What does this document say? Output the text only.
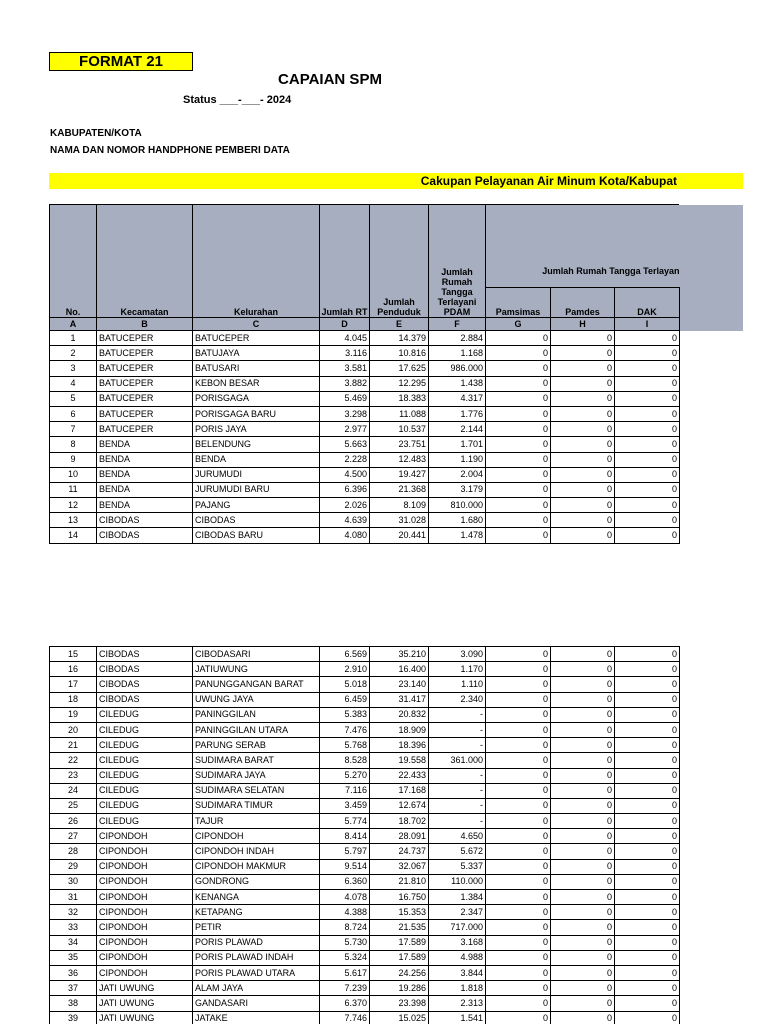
FORMAT 21
CAPAIAN SPM
Status ___-___- 2024
KABUPATEN/KOTA
NAMA DAN NOMOR HANDPHONE PEMBERI DATA
Cakupan Pelayanan Air Minum Kota/Kabupat
No.	Kecamatan	Kelurahan	Jumlah RT	Jumlah Penduduk	Jumlah Rumah Tangga Terlayani PDAM	Jumlah Rumah Tangga Terlayan		
						Pamsimas	Pamdes	DAK
A	B	C	D	E	F	G	H	I
1	BATUCEPER	BATUCEPER	4.045	14.379	2.884	0	0	0
2	BATUCEPER	BATUJAYA	3.116	10.816	1.168	0	0	0
3	BATUCEPER	BATUSARI	3.581	17.625	986.000	0	0	0
4	BATUCEPER	KEBON BESAR	3.882	12.295	1.438	0	0	0
5	BATUCEPER	PORISGAGA	5.469	18.383	4.317	0	0	0
6	BATUCEPER	PORISGAGA BARU	3.298	11.088	1.776	0	0	0
7	BATUCEPER	PORIS JAYA	2.977	10.537	2.144	0	0	0
8	BENDA	BELENDUNG	5.663	23.751	1.701	0	0	0
9	BENDA	BENDA	2.228	12.483	1.190	0	0	0
10	BENDA	JURUMUDI	4.500	19.427	2.004	0	0	0
11	BENDA	JURUMUDI BARU	6.396	21.368	3.179	0	0	0
12	BENDA	PAJANG	2.026	8.109	810.000	0	0	0
13	CIBODAS	CIBODAS	4.639	31.028	1.680	0	0	0
14	CIBODAS	CIBODAS BARU	4.080	20.441	1.478	0	0	0
15	CIBODAS	CIBODASARI	6.569	35.210	3.090	0	0	0
16	CIBODAS	JATIUWUNG	2.910	16.400	1.170	0	0	0
17	CIBODAS	PANUNGGANGAN BARAT	5.018	23.140	1.110	0	0	0
18	CIBODAS	UWUNG JAYA	6.459	31.417	2.340	0	0	0
19	CILEDUG	PANINGGILAN	5.383	20.832	-	0	0	0
20	CILEDUG	PANINGGILAN UTARA	7.476	18.909	-	0	0	0
21	CILEDUG	PARUNG SERAB	5.768	18.396	-	0	0	0
22	CILEDUG	SUDIMARA BARAT	8.528	19.558	361.000	0	0	0
23	CILEDUG	SUDIMARA JAYA	5.270	22.433	-	0	0	0
24	CILEDUG	SUDIMARA SELATAN	7.116	17.168	-	0	0	0
25	CILEDUG	SUDIMARA TIMUR	3.459	12.674	-	0	0	0
26	CILEDUG	TAJUR	5.774	18.702	-	0	0	0
27	CIPONDOH	CIPONDOH	8.414	28.091	4.650	0	0	0
28	CIPONDOH	CIPONDOH INDAH	5.797	24.737	5.672	0	0	0
29	CIPONDOH	CIPONDOH MAKMUR	9.514	32.067	5.337	0	0	0
30	CIPONDOH	GONDRONG	6.360	21.810	110.000	0	0	0
31	CIPONDOH	KENANGA	4.078	16.750	1.384	0	0	0
32	CIPONDOH	KETAPANG	4.388	15.353	2.347	0	0	0
33	CIPONDOH	PETIR	8.724	21.535	717.000	0	0	0
34	CIPONDOH	PORIS PLAWAD	5.730	17.589	3.168	0	0	0
35	CIPONDOH	PORIS PLAWAD INDAH	5.324	17.589	4.988	0	0	0
36	CIPONDOH	PORIS PLAWAD UTARA	5.617	24.256	3.844	0	0	0
37	JATI UWUNG	ALAM JAYA	7.239	19.286	1.818	0	0	0
38	JATI UWUNG	GANDASARI	6.370	23.398	2.313	0	0	0
39	JATI UWUNG	JATAKE	7.746	15.025	1.541	0	0	0
